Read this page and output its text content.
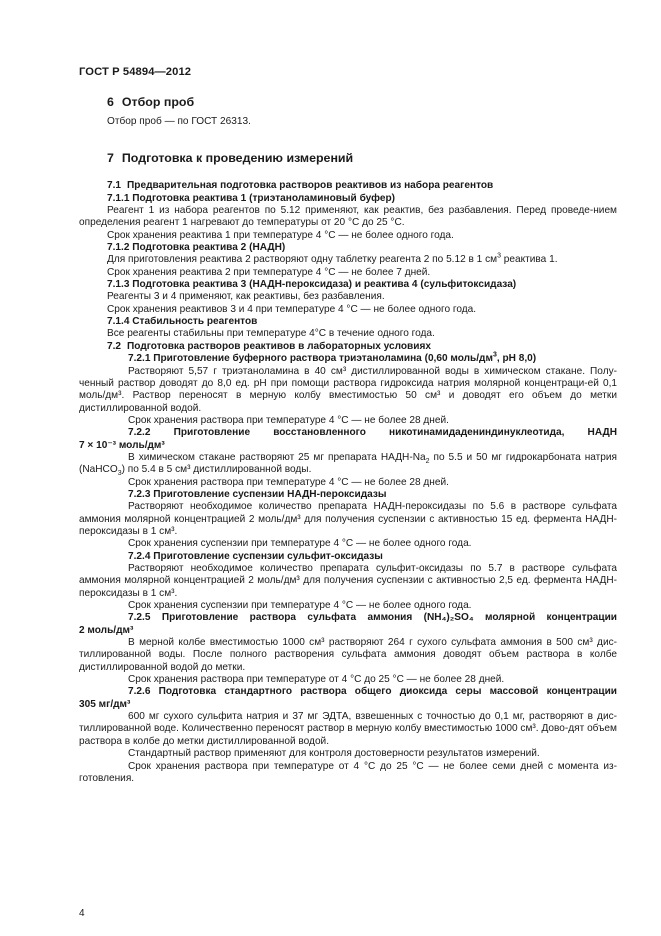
ГОСТ Р 54894—2012
6 Отбор проб

Отбор проб — по ГОСТ 26313.

7 Подготовка к проведению измерений
7.1 Предварительная подготовка растворов реактивов из набора реагентов
7.1.1 Подготовка реактива 1 (триэтаноламиновый буфер)

Реагент 1 из набора реагентов по 5.12 применяют, как реактив, без разбавления. Перед проведе-нием определения реагент 1 нагревают до температуры от 20 °С до 25 °С.

Срок хранения реактива 1 при температуре 4 °С — не более одного года.

7.1.2 Подготовка реактива 2 (НАДН)

Для приготовления реактива 2 растворяют одну таблетку реагента 2 по 5.12 в 1 $см^3$ реактива 1.

Срок хранения реактива 2 при температуре 4 °С — не более 7 дней.

7.1.3 Подготовка реактива 3 (НАДН-пероксидаза) и реактива 4 (сульфитоксидаза)

Реагенты 3 и 4 применяют, как реактивы, без разбавления.

Срок хранения реактивов 3 и 4 при температуре 4 °С — не более одного года.

7.1.4 Стабильность реагентов

Все реагенты стабильны при температуре 4°С в течение одного года.

7.2 Подготовка растворов реактивов в лабораторных условиях
7.2.1 Приготовление буферного раствора триэтаноламина (0,60 моль/$дм^3$, рН 8,0)

Растворяют 5,57 г триэтаноламина в 40 см³ дистиллированной воды в химическом стакане. Полу-ченный раствор доводят до 8,0 ед. рН при помощи раствора гидроксида натрия молярной концентраци-ей 0,1 моль/дм³. Раствор переносят в мерную колбу вместимостью 50 см³ и доводят его объем до метки дистиллированной водой.

Срок хранения раствора при температуре 4 °С — не более 28 дней.

7.2.2 Приготовление восстановленного никотинамидадениндинуклеотида, НАДН
7 × 10⁻³ моль/дм³

В химическом стакане растворяют 25 мг препарата НАДН-$Na_2$ по 5.5 и 50 мг гидрокарбоната натрия (NaHCO$_3$) по 5.4 в 5 см³ дистиллированной воды.

Срок хранения раствора при температуре 4 °С — не более 28 дней.

7.2.3 Приготовление суспензии НАДН-пероксидазы

Растворяют необходимое количество препарата НАДН-пероксидазы по 5.6 в растворе сульфата аммония молярной концентрацией 2 моль/дм³ для получения суспензии с активностью 15 ед. фермента НАДН-пероксидазы в 1 см³.

Срок хранения суспензии при температуре 4 °С — не более одного года.

7.2.4 Приготовление суспензии сульфит-оксидазы

Растворяют необходимое количество препарата сульфит-оксидазы по 5.7 в растворе сульфата аммония молярной концентрацией 2 моль/дм³ для получения суспензии с активностью 2,5 ед. фермента НАДН-пероксидазы в 1 см³.

Срок хранения суспензии при температуре 4 °С — не более одного года.

7.2.5 Приготовление раствора сульфата аммония (NH₄)₂SO₄ молярной концентрации
2 моль/дм³

В мерной колбе вместимостью 1000 см³ растворяют 264 г сухого сульфата аммония в 500 см³ дис-тиллированной воды. После полного растворения сульфата аммония доводят объем раствора в колбе дистиллированной водой до метки.

Срок хранения раствора при температуре от 4 °С до 25 °С — не более 28 дней.

7.2.6 Подготовка стандартного раствора общего диоксида серы массовой концентрации
305 мг/дм³

600 мг сухого сульфита натрия и 37 мг ЭДТА, взвешенных с точностью до 0,1 мг, растворяют в дис-тиллированной воде. Количественно переносят раствор в мерную колбу вместимостью 1000 см³. Дово-дят объем раствора в колбе до метки дистиллированной водой.

Стандартный раствор применяют для контроля достоверности результатов измерений.

Срок хранения раствора при температуре от 4 °С до 25 °С — не более семи дней с момента из-готовления.

4
